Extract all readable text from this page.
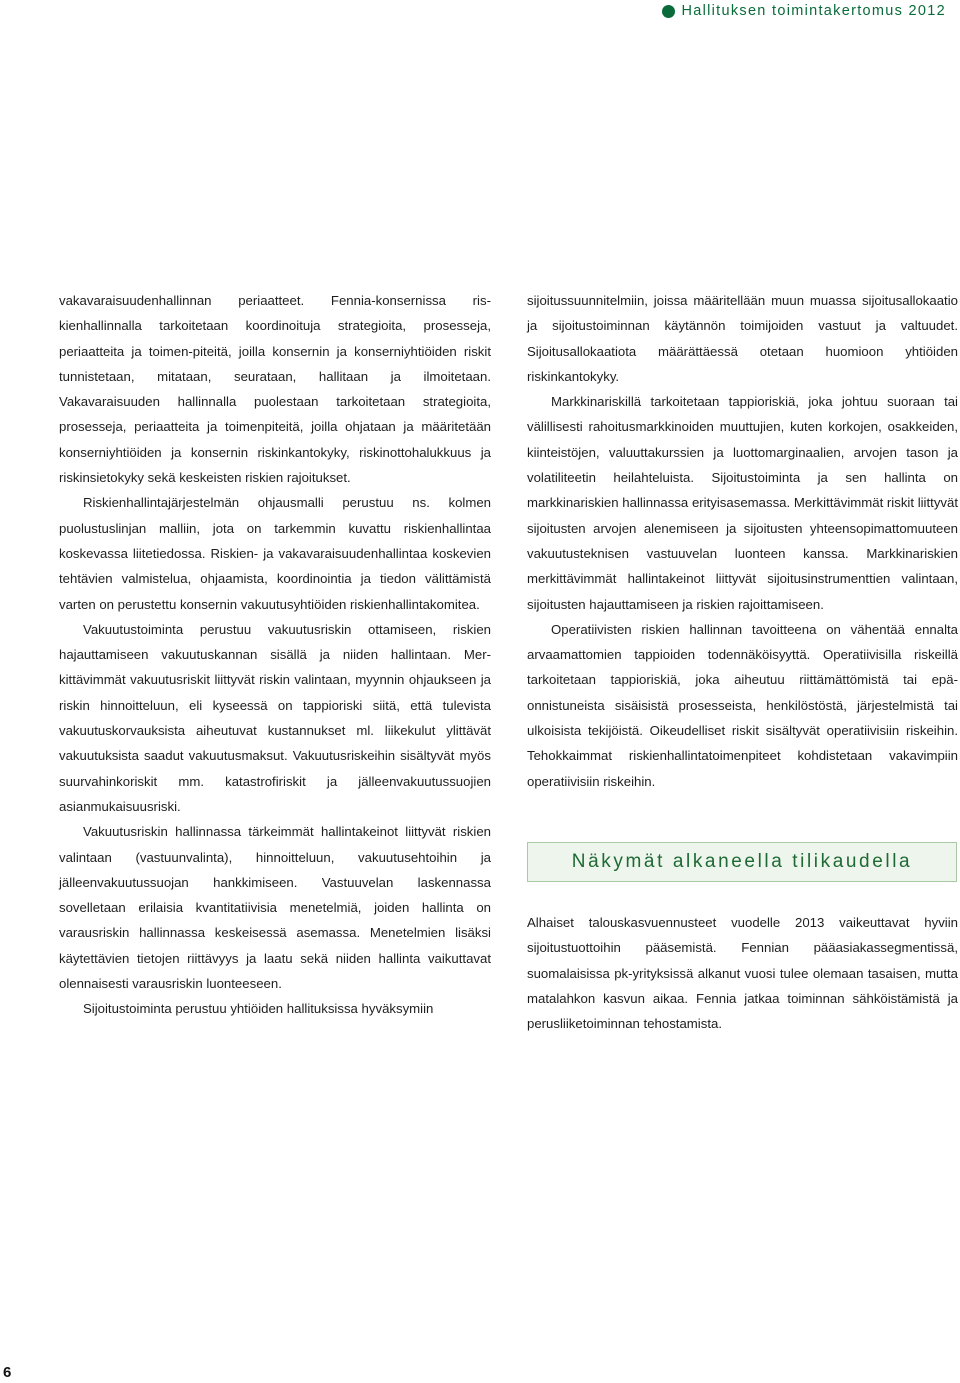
Hallituksen toimintakertomus 2012

vakavaraisuudenhallinnan periaatteet. Fennia-konsernissa riskienhallinnalla tarkoitetaan koordinoituja strategioita, prosesseja, periaatteita ja toimen-piteitä, joilla konsernin ja konserniyhtiöiden riskit tunnistetaan, mitataan, seurataan, hallitaan ja ilmoitetaan. Vakavaraisuuden hallinnalla puolestaan tarkoitetaan strategioita, prosesseja, periaatteita ja toimenpiteitä, joilla ohjataan ja määritetään konserniyhtiöiden ja konsernin riskinkantokyky, riskinottohalukkuus ja riskinsietokyky sekä keskeisten riskien rajoitukset.

Riskienhallintajärjestelmän ohjausmalli perustuu ns. kolmen puolustuslinjan malliin, jota on tarkemmin kuvattu riskienhallintaa koskevassa liitetiedossa. Riskien- ja vakavaraisuudenhallintaa koskevien tehtävien valmistelua, ohjaamista, koordinointia ja tiedon välittämistä varten on perustettu konsernin vakuutusyhtiöiden riskienhallintakomitea.

Vakuutustoiminta perustuu vakuutusriskin ottamiseen, riskien hajauttamiseen vakuutuskannan sisällä ja niiden hallintaan. Merkittävimmät vakuutusriskit liittyvät riskin valintaan, myynnin ohjaukseen ja riskin hinnoitteluun, eli kyseessä on tappioriski siitä, että tulevista vakuutuskorvauksista aiheutuvat kustannukset ml. liikekulut ylittävät vakuutuksista saadut vakuutusmaksut. Vakuutusriskeihin sisältyvät myös suurvahinkoriskit mm. katastrofiriskit ja jälleenvakuutussuojien asianmukaisuusriski.

Vakuutusriskin hallinnassa tärkeimmät hallintakeinot liittyvät riskien valintaan (vastuunvalinta), hinnoitteluun, vakuutusehtoihin ja jälleenvakuutussuojan hankkimiseen. Vastuuvelan laskennassa sovelletaan erilaisia kvantitatiivisia menetelmiä, joiden hallinta on varausriskin hallinnassa keskeisessä asemassa. Menetelmien lisäksi käytettävien tietojen riittävyys ja laatu sekä niiden hallinta vaikuttavat olennaisesti varausriskin luonteeseen.

Sijoitustoiminta perustuu yhtiöiden hallituksissa hyväksymiin

sijoitussuunnitelmiin, joissa määritellään muun muassa sijoitusallokaatio ja sijoitustoiminnan käytännön toimijoiden vastuut ja valtuudet. Sijoitusallokaatiota määrättäessä otetaan huomioon yhtiöiden riskinkantokyky.

Markkinariskillä tarkoitetaan tappioriskiä, joka johtuu suoraan tai välillisesti rahoitusmarkkinoiden muuttujien, kuten korkojen, osakkeiden, kiinteistöjen, valuuttakurssien ja luottomarginaalien, arvojen tason ja volatiliteetin heilahteluista. Sijoitustoiminta ja sen hallinta on markkinariskien hallinnassa erityisasemassa. Merkittävimmät riskit liittyvät sijoitusten arvojen alenemiseen ja sijoitusten yhteensopimattomuuteen vakuutusteknisen vastuuvelan luonteen kanssa. Markkinariskien merkittävimmät hallintakeinot liittyvät sijoitusinstrumenttien valintaan, sijoitusten hajauttamiseen ja riskien rajoittamiseen.

Operatiivisten riskien hallinnan tavoitteena on vähentää ennalta arvaamattomien tappioiden todennäköisyyttä. Operatiivisilla riskeillä tarkoitetaan tappioriskiä, joka aiheutuu riittämättömistä tai epäonnistuneista sisäisistä prosesseista, henkilöstöstä, järjestelmistä tai ulkoisista tekijöistä. Oikeudelliset riskit sisältyvät operatiivisiin riskeihin. Tehokkaimmat riskienhallintatoimenpiteet kohdistetaan vakavimpiin operatiivisiin riskeihin.

Näkymät alkaneella tilikaudella

Alhaiset talouskasvuennusteet vuodelle 2013 vaikeuttavat hyviin sijoitustuottoihin pääsemistä. Fennian pääasiakassegmentissä, suomalaisissa pk-yrityksissä alkanut vuosi tulee olemaan tasaisen, mutta matalahkon kasvun aikaa. Fennia jatkaa toiminnan sähköistämistä ja perusliiketoiminnan tehostamista.

6
